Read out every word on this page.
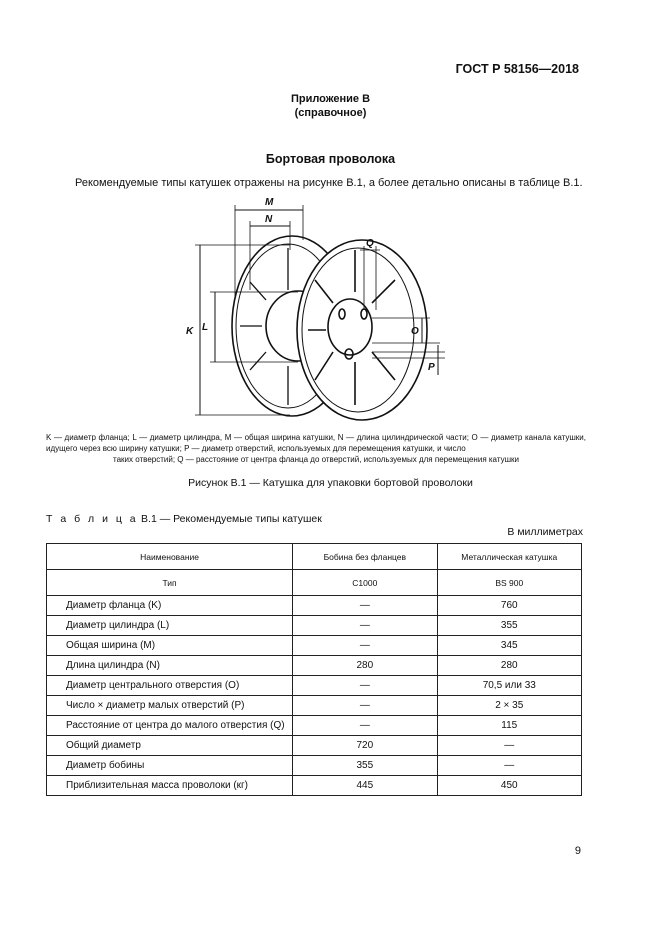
ГОСТ Р 58156—2018
Приложение В
(справочное)
Бортовая проволока
Рекомендуемые типы катушек отражены на рисунке В.1, а более детально описаны в таблице В.1.
M
N
Q
K L	O
P
K — диаметр фланца; L — диаметр цилиндра, M — общая ширина катушки, N — длина цилиндрической части; O — диаметр канала катушки, идущего через всю ширину катушки; P — диаметр отверстий, используемых для перемещения катушки, и число
таких отверстий; Q — расстояние от центра фланца до отверстий, используемых для перемещения катушки
Рисунок В.1 — Катушка для упаковки бортовой проволоки
Т а б л и ц а В.1 — Рекомендуемые типы катушек
В миллиметрах
Наименование	Бобина без фланцев	Металлическая катушка
Тип	C1000	BS 900
Диаметр фланца (K)	—	760
Диаметр цилиндра (L)	—	355
Общая ширина (M)	—	345
Длина цилиндра (N)	280	280
Диаметр центрального отверстия (O)	—	70,5 или 33
Число × диаметр малых отверстий (P)	—	2 × 35
Расстояние от центра до малого отверстия (Q)	—	115
Общий диаметр	720	—
Диаметр бобины	355	—
Приблизительная масса проволоки (кг)	445	450
9
